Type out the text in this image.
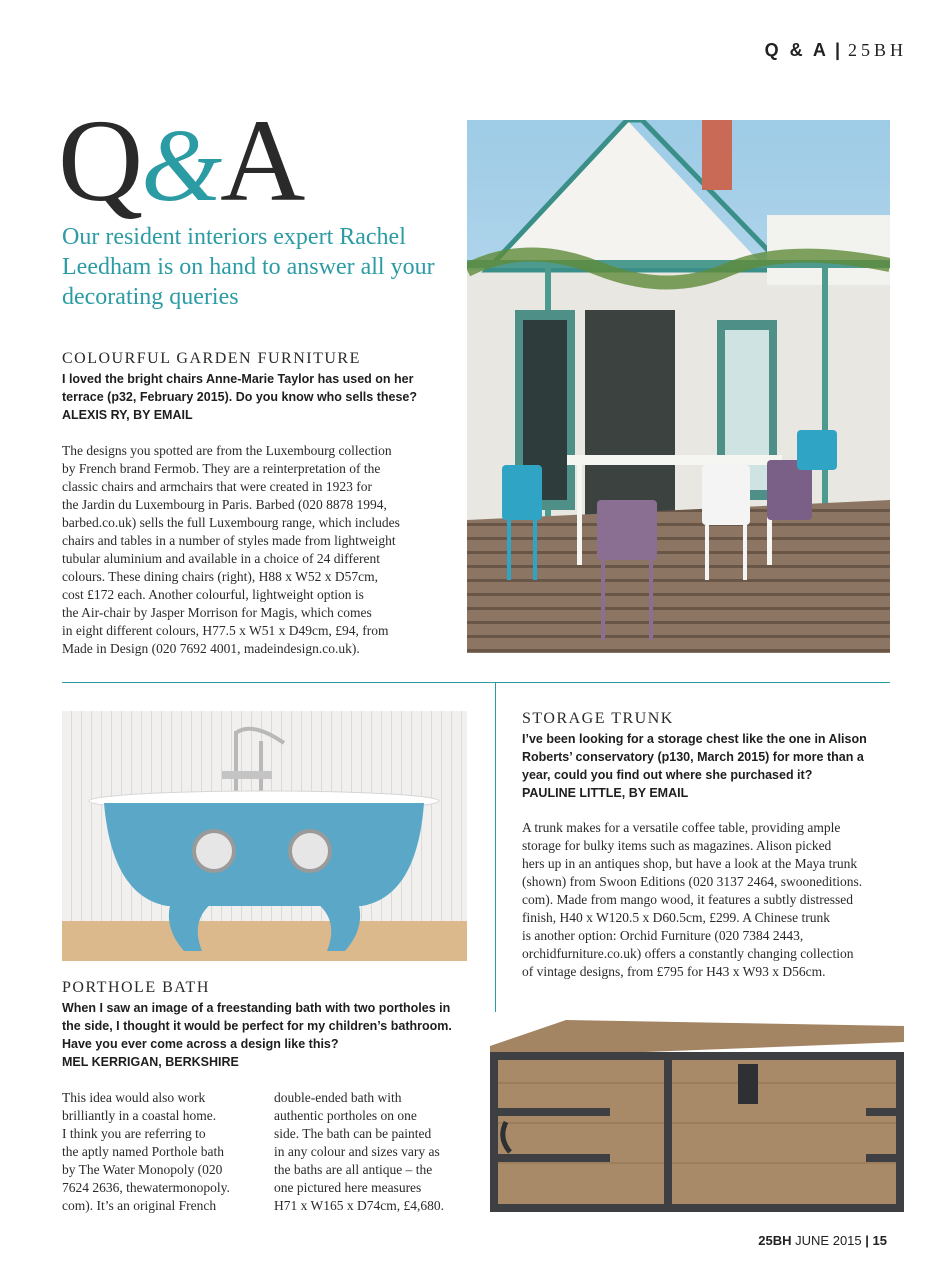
Q & A | 25BH
Q&A
Our resident interiors expert Rachel Leedham is on hand to answer all your decorating queries
COLOURFUL GARDEN FURNITURE
I loved the bright chairs Anne-Marie Taylor has used on her terrace (p32, February 2015). Do you know who sells these?
ALEXIS RY, BY EMAIL
The designs you spotted are from the Luxembourg collection
by French brand Fermob. They are a reinterpretation of the
classic chairs and armchairs that were created in 1923 for
the Jardin du Luxembourg in Paris. Barbed (020 8878 1994,
barbed.co.uk) sells the full Luxembourg range, which includes
chairs and tables in a number of styles made from lightweight
tubular aluminium and available in a choice of 24 different
colours. These dining chairs (right), H88 x W52 x D57cm,
cost £172 each. Another colourful, lightweight option is
the Air-chair by Jasper Morrison for Magis, which comes
in eight different colours, H77.5 x W51 x D49cm, £94, from
Made in Design (020 7692 4001, madeindesign.co.uk).
PORTHOLE BATH
When I saw an image of a freestanding bath with two portholes in the side, I thought it would be perfect for my children’s bathroom. Have you ever come across a design like this?
MEL KERRIGAN, BERKSHIRE
This idea would also work
brilliantly in a coastal home.
I think you are referring to
the aptly named Porthole bath
by The Water Monopoly (020
7624 2636, thewatermonopoly.
com). It’s an original French
double-ended bath with
authentic portholes on one
side. The bath can be painted
in any colour and sizes vary as
the baths are all antique – the
one pictured here measures
H71 x W165 x D74cm, £4,680.
STORAGE TRUNK
I’ve been looking for a storage chest like the one in Alison Roberts’ conservatory (p130, March 2015) for more than a year, could you find out where she purchased it?
PAULINE LITTLE, BY EMAIL
A trunk makes for a versatile coffee table, providing ample
storage for bulky items such as magazines. Alison picked
hers up in an antiques shop, but have a look at the Maya trunk
(shown) from Swoon Editions (020 3137 2464, swooneditions.
com). Made from mango wood, it features a subtly distressed
finish, H40 x W120.5 x D60.5cm, £299. A Chinese trunk
is another option: Orchid Furniture (020 7384 2443,
orchidfurniture.co.uk) offers a constantly changing collection
of vintage designs, from £795 for H43 x W93 x D56cm.
25BH JUNE 2015 | 15
